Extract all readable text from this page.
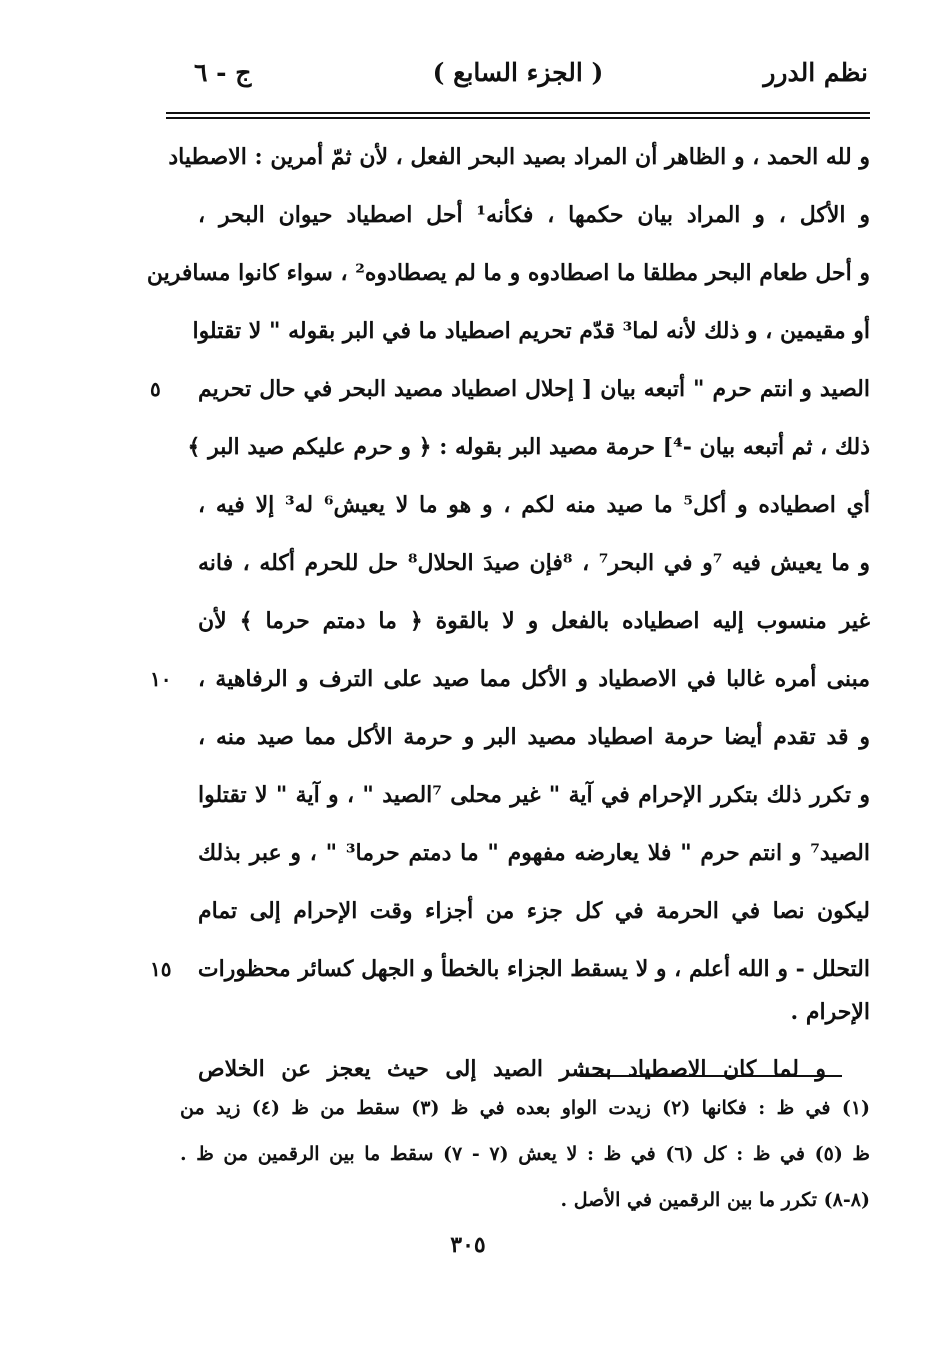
نظم الدرر
( الجزء السابع )
ج - ٦
و لله الحمد ، و الظاهر أن المراد بصيد البحر الفعل ، لأن ثمّ أمرين : الاصطياد
و الأكل ، و المراد بيان حكمها ، فكأنه¹ أحل اصطياد حيوان البحر ،
و أحل طعام البحر مطلقا ما اصطادوه و ما لم يصطادوه² ، سواء كانوا مسافرين
أو مقيمين ، و ذلك لأنه لما³ قدّم تحريم اصطياد ما في البر بقوله " لا تقتلوا
الصيد و انتم حرم " أتبعه بيان [ إحلال اصطياد مصيد البحر في حال تحريم
٥
ذلك ، ثم أتبعه بيان -⁴] حرمة مصيد البر بقوله : ﴿ و حرم عليكم صيد البر ﴾
أي اصطياده و أكل⁵ ما صيد منه لكم ، و هو ما لا يعيش⁶ له³ إلا فيه ،
و ما يعيش فيه ⁷و في البحر⁷ ، ⁸فإن صيدَ الحلال⁸ حل للحرم أكله ، فانه
غير منسوب إليه اصطياده بالفعل و لا بالقوة ﴿ ما دمتم حرما ﴾ لأن
مبنى أمره غالبا في الاصطياد و الأكل مما صيد على الترف و الرفاهية ،
١٠
و قد تقدم أيضا حرمة اصطياد مصيد البر و حرمة الأكل مما صيد منه ،
و تكرر ذلك بتكرر الإحرام في آية " غير محلى ⁷الصيد " ، و آية " لا تقتلوا
الصيد⁷ و انتم حرم " فلا يعارضه مفهوم " ما دمتم حرما³ " ، و عبر بذلك
ليكون نصا في الحرمة في كل جزء من أجزاء وقت الإحرام إلى تمام
التحلل - و الله أعلم ، و لا يسقط الجزاء بالخطأ و الجهل كسائر محظورات
١٥
الإحرام .
و لما كان الاصطياد بحشر الصيد إلى حيث يعجز عن الخلاص
(١) في ظ : فكانها (٢) زيدت الواو بعده في ظ (٣) سقط من ظ (٤) زيد من
ظ (٥) في ظ : كل (٦) في ظ : لا يعش (٧ - ٧) سقط ما بين الرقمين من ظ .
(٨-٨) تكرر ما بين الرقمين في الأصل .
٣٠٥
